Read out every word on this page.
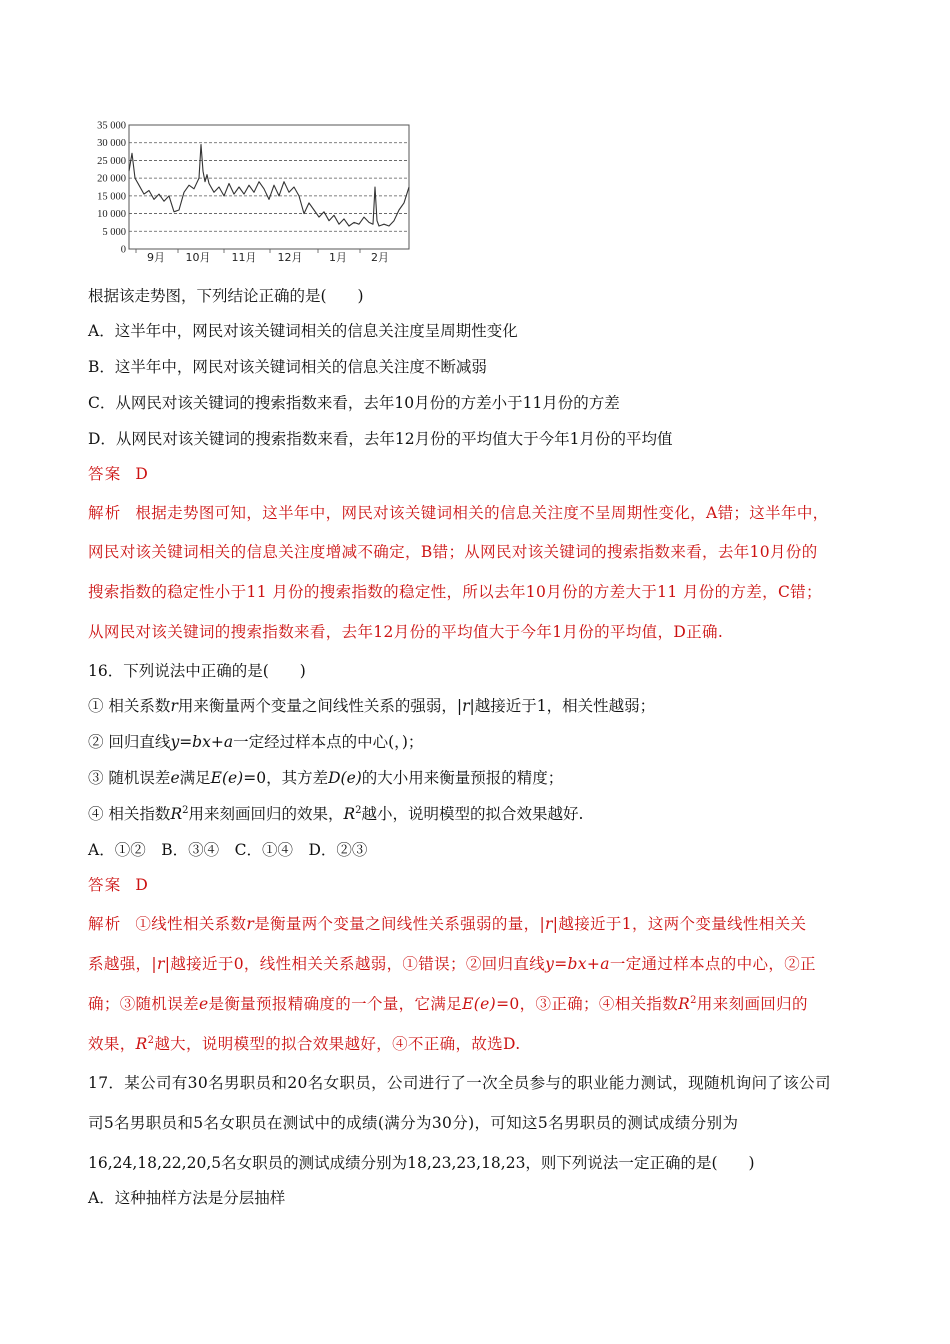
35 000
30 000
25 000
20 000
15 000
10 000
5 000
0
9月 10月 11月 12月 1月 2月
根据该走势图，下列结论正确的是(　　)
A．这半年中，网民对该关键词相关的信息关注度呈周期性变化
B．这半年中，网民对该关键词相关的信息关注度不断减弱
C．从网民对该关键词的搜索指数来看，去年10月份的方差小于11月份的方差
D．从网民对该关键词的搜索指数来看，去年12月份的平均值大于今年1月份的平均值
答案 D
解析 根据走势图可知，这半年中，网民对该关键词相关的信息关注度不呈周期性变化，A错；这半年中，
网民对该关键词相关的信息关注度增减不确定，B错；从网民对该关键词的搜索指数来看，去年10月份的
搜索指数的稳定性小于11 月份的搜索指数的稳定性，所以去年10月份的方差大于11 月份的方差，C错；
从网民对该关键词的搜索指数来看，去年12月份的平均值大于今年1月份的平均值，D正确.
16．下列说法中正确的是(　　)
① 相关系数r用来衡量两个变量之间线性关系的强弱，|r|越接近于1，相关性越弱；
② 回归直线y=bx+a一定经过样本点的中心(，)；
③ 随机误差e满足E(e)=0，其方差D(e)的大小用来衡量预报的精度；
④ 相关指数$R^2$用来刻画回归的效果，$R^2$越小，说明模型的拟合效果越好.
A．①②　B．③④　C．①④　D．②③
答案 D
解析 ①线性相关系数r是衡量两个变量之间线性关系强弱的量，|r|越接近于1，这两个变量线性相关关
系越强，|r|越接近于0，线性相关关系越弱，①错误；②回归直线y=bx+a一定通过样本点的中心，②正
确；③随机误差e是衡量预报精确度的一个量，它满足E(e)=0，③正确；④相关指数$R^2$用来刻画回归的
效果，$R^2$越大，说明模型的拟合效果越好，④不正确，故选D.
17．某公司有30名男职员和20名女职员，公司进行了一次全员参与的职业能力测试，现随机询问了该公司
司5名男职员和5名女职员在测试中的成绩(满分为30分)，可知这5名男职员的测试成绩分别为
16,24,18,22,20,5名女职员的测试成绩分别为18,23,23,18,23，则下列说法一定正确的是(　　)
A．这种抽样方法是分层抽样
